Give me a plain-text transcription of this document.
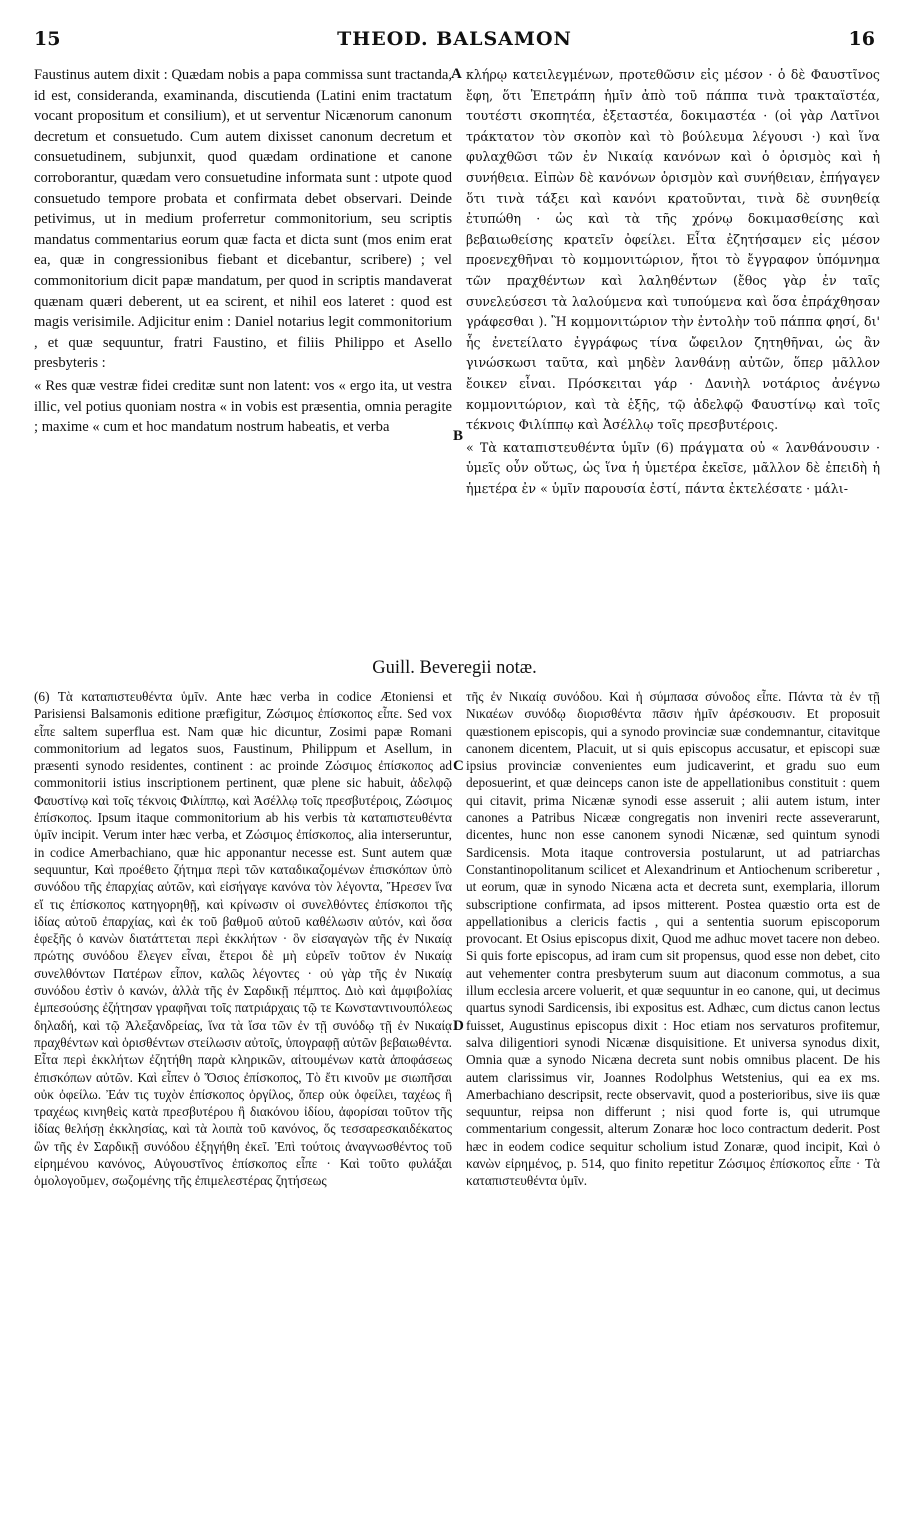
15	THEOD. BALSAMON	16
A
B
C
D

Faustinus autem dixit : Quædam nobis a papa commissa sunt tractanda, id est, consideranda, examinanda, discutienda (Latini enim tractatum vocant propositum et consilium), et ut serventur Nicænorum canonum decretum et consuetudo. Cum autem dixisset canonum decretum et consuetudinem, subjunxit, quod quædam ordinatione et canone corroborantur, quædam vero consuetudine informata sunt : utpote quod consuetudo tempore probata et confirmata debet observari. Deinde petivimus, ut in medium proferretur commonitorium, seu scriptis mandatus commentarius eorum quæ facta et dicta sunt (mos enim erat ea, quæ in congressionibus fiebant et dicebantur, scribere) ; vel commonitorium dicit papæ mandatum, per quod in scriptis mandaverat quænam quæri deberent, ut ea scirent, et nihil eos lateret : quod est magis verisimile. Adjicitur enim : Daniel notarius legit commonitorium , et quæ sequuntur, fratri Faustino, et filiis Philippo et Asello presbyteris :

« Res quæ vestræ fidei creditæ sunt non latent: vos « ergo ita, ut vestra illic, vel potius quoniam nostra « in vobis est præsentia, omnia peragite ; maxime « cum et hoc mandatum nostrum habeatis, et verba

κλήρῳ κατειλεγμένων, προτεθῶσιν εἰς μέσον · ὁ δὲ Φαυστῖνος ἔφη, ὅτι Ἐπετράπη ἡμῖν ἀπὸ τοῦ πάππα τινὰ τρακταϊστέα, τουτέστι σκοπητέα, ἐξεταστέα, δοκιμαστέα · (οἱ γὰρ Λατῖνοι τράκτατον τὸν σκοπὸν καὶ τὸ βούλευμα λέγουσι ·) καὶ ἵνα φυλαχθῶσι τῶν ἐν Νικαίᾳ κανόνων καὶ ὁ ὁρισμὸς καὶ ἡ συνήθεια. Εἰπὼν δὲ κανόνων ὁρισμὸν καὶ συνήθειαν, ἐπήγαγεν ὅτι τινὰ τάξει καὶ κανόνι κρατοῦνται, τινὰ δὲ συνηθείᾳ ἐτυπώθη · ὡς καὶ τὰ τῆς χρόνῳ δοκιμασθείσης καὶ βεβαιωθείσης κρατεῖν ὀφείλει. Εἶτα ἐζητήσαμεν εἰς μέσον προενεχθῆναι τὸ κομμονιτώριον, ἤτοι τὸ ἔγγραφον ὑπόμνημα τῶν πραχθέντων καὶ λαληθέντων (ἔθος γὰρ ἐν ταῖς συνελεύσεσι τὰ λαλούμενα καὶ τυπούμενα καὶ ὅσα ἐπράχθησαν γράφεσθαι ). Ἢ κομμονιτώριον τὴν ἐντολὴν τοῦ πάππα φησί, δι' ἧς ἐνετείλατο ἐγγράφως τίνα ὤφειλον ζητηθῆναι, ὡς ἂν γινώσκωσι ταῦτα, καὶ μηδὲν λανθάνῃ αὐτῶν, ὅπερ μᾶλλον ἔοικεν εἶναι. Πρόσκειται γάρ · Δανιὴλ νοτάριος ἀνέγνω κομμονιτώριον, καὶ τὰ ἑξῆς, τῷ ἀδελφῷ Φαυστίνῳ καὶ τοῖς τέκνοις Φιλίππῳ καὶ Ἀσέλλῳ τοῖς πρεσβυτέροις.

« Τὰ καταπιστευθέντα ὑμῖν (6) πράγματα οὐ « λανθάνουσιν · ὑμεῖς οὖν οὕτως, ὡς ἵνα ἡ ὑμετέρα ἐκεῖσε, μᾶλλον δὲ ἐπειδὴ ἡ ἡμετέρα ἐν « ὑμῖν παρουσία ἐστί, πάντα ἐκτελέσατε · μάλι-

Guill. Beveregii notæ.

(6) Τὰ καταπιστευθέντα ὑμῖν. Ante hæc verba in codice Ætoniensi et Parisiensi Balsamonis editione præfigitur, Ζώσιμος ἐπίσκοπος εἶπε. Sed vox εἶπε saltem superflua est. Nam quæ hic dicuntur, Zosimi papæ Romani commonitorium ad legatos suos, Faustinum, Philippum et Asellum, in præsenti synodo residentes, continent : ac proinde Ζώσιμος ἐπίσκοπος ad commonitorii istius inscriptionem pertinent, quæ plene sic habuit, ἀδελφῷ Φαυστίνῳ καὶ τοῖς τέκνοις Φιλίππῳ, καὶ Ἀσέλλῳ τοῖς πρεσβυτέροις, Ζώσιμος ἐπίσκοπος. Ipsum itaque commonitorium ab his verbis τὰ καταπιστευθέντα ὑμῖν incipit. Verum inter hæc verba, et Ζώσιμος ἐπίσκοπος, alia interseruntur, in codice Amerbachiano, quæ hic apponantur necesse est. Sunt autem quæ sequuntur, Καὶ προέθετο ζήτημα περὶ τῶν καταδικαζομένων ἐπισκόπων ὑπὸ συνόδου τῆς ἐπαρχίας αὐτῶν, καὶ εἰσήγαγε κανόνα τὸν λέγοντα, Ἤρεσεν ἵνα εἴ τις ἐπίσκοπος κατηγορηθῇ, καὶ κρίνωσιν οἱ συνελθόντες ἐπίσκοποι τῆς ἰδίας αὐτοῦ ἐπαρχίας, καὶ ἐκ τοῦ βαθμοῦ αὐτοῦ καθέλωσιν αὐτόν, καὶ ὅσα ἑφεξῆς ὁ κανὼν διατάττεται περὶ ἐκκλήτων · ὃν εἰσαγαγὼν τῆς ἐν Νικαίᾳ πρώτης συνόδου ἔλεγεν εἶναι, ἕτεροι δὲ μὴ εὑρεῖν τοῦτον ἐν Νικαίᾳ συνελθόντων Πατέρων εἶπον, καλῶς λέγοντες · οὐ γὰρ τῆς ἐν Νικαίᾳ συνόδου ἐστὶν ὁ κανών, ἀλλὰ τῆς ἐν Σαρδικῇ πέμπτος. Διὸ καὶ ἀμφιβολίας ἐμπεσούσης ἐζήτησαν γραφῆναι τοῖς πατριάρχαις τῷ τε Κωνσταντινουπόλεως δηλαδή, καὶ τῷ Ἀλεξανδρείας, ἵνα τὰ ἴσα τῶν ἐν τῇ συνόδῳ τῇ ἐν Νικαίᾳ πραχθέντων καὶ ὁρισθέντων στείλωσιν αὐτοῖς, ὑπογραφῇ αὐτῶν βεβαιωθέντα. Εἶτα περὶ ἐκκλήτων ἐζητήθη παρὰ κληρικῶν, αἰτουμένων κατὰ ἀποφάσεως ἐπισκόπων αὐτῶν. Καὶ εἶπεν ὁ Ὅσιος ἐπίσκοπος, Τὸ ἔτι κινοῦν με σιωπῆσαι οὐκ ὀφείλω. Ἐάν τις τυχὸν ἐπίσκοπος ὀργίλος, ὅπερ οὐκ ὀφείλει, ταχέως ἢ τραχέως κινηθεὶς κατὰ πρεσβυτέρου ἢ διακόνου ἰδίου, ἀφορίσαι τοῦτον τῆς ἰδίας θελήσῃ ἐκκλησίας, καὶ τὰ λοιπὰ τοῦ κανόνος, ὅς τεσσαρεσκαιδέκατος ὢν τῆς ἐν Σαρδικῇ συνόδου ἐξηγήθη ἐκεῖ. Ἐπὶ τούτοις ἀναγνωσθέντος τοῦ εἰρημένου κανόνος, Αὐγουστῖνος ἐπίσκοπος εἶπε · Καὶ τοῦτο φυλάξαι ὁμολογοῦμεν, σωζομένης τῆς ἐπιμελεστέρας ζητήσεως

τῆς ἐν Νικαίᾳ συνόδου. Καὶ ἡ σύμπασα σύνοδος εἶπε. Πάντα τὰ ἐν τῇ Νικαέων συνόδῳ διορισθέντα πᾶσιν ἡμῖν ἀρέσκουσιν. Et proposuit quæstionem episcopis, qui a synodo provinciæ suæ condemnantur, citavitque canonem dicentem, Placuit, ut si quis episcopus accusatur, et episcopi suæ ipsius provinciæ convenientes eum judicaverint, et gradu suo eum deposuerint, et quæ deinceps canon iste de appellationibus constituit : quem qui citavit, prima Nicænæ synodi esse asseruit ; alii autem istum, inter canones a Patribus Nicææ congregatis non inveniri recte asseverarunt, dicentes, hunc non esse canonem synodi Nicænæ, sed quintum synodi Sardicensis. Mota itaque controversia postularunt, ut ad patriarchas Constantinopolitanum scilicet et Alexandrinum et Antiochenum scriberetur , ut eorum, quæ in synodo Nicæna acta et decreta sunt, exemplaria, illorum subscriptione confirmata, ad ipsos mitterent. Postea quæstio orta est de appellationibus a clericis factis , qui a sententia suorum episcoporum provocant. Et Osius episcopus dixit, Quod me adhuc movet tacere non debeo. Si quis forte episcopus, ad iram cum sit propensus, quod esse non debet, cito aut vehementer contra presbyterum suum aut diaconum commotus, a sua illum ecclesia arcere voluerit, et quæ sequuntur in eo canone, qui, ut decimus quartus synodi Sardicensis, ibi expositus est. Adhæc, cum dictus canon lectus fuisset, Augustinus episcopus dixit : Hoc etiam nos servaturos profitemur, salva diligentiori synodi Nicænæ disquisitione. Et universa synodus dixit, Omnia quæ a synodo Nicæna decreta sunt nobis omnibus placent. De his autem clarissimus vir, Joannes Rodolphus Wetstenius, qui ea ex ms. Amerbachiano descripsit, recte observavit, quod a posterioribus, sive iis quæ sequuntur, reipsa non differunt ; nisi quod forte is, qui utrumque commentarium congessit, alterum Zonaræ hoc loco contractum dederit. Post hæc in eodem codice sequitur scholium istud Zonaræ, quod incipit, Καὶ ὁ κανὼν εἰρημένος, p. 514, quo finito repetitur Ζώσιμος ἐπίσκοπος εἶπε · Τὰ καταπιστευθέντα ὑμῖν.
